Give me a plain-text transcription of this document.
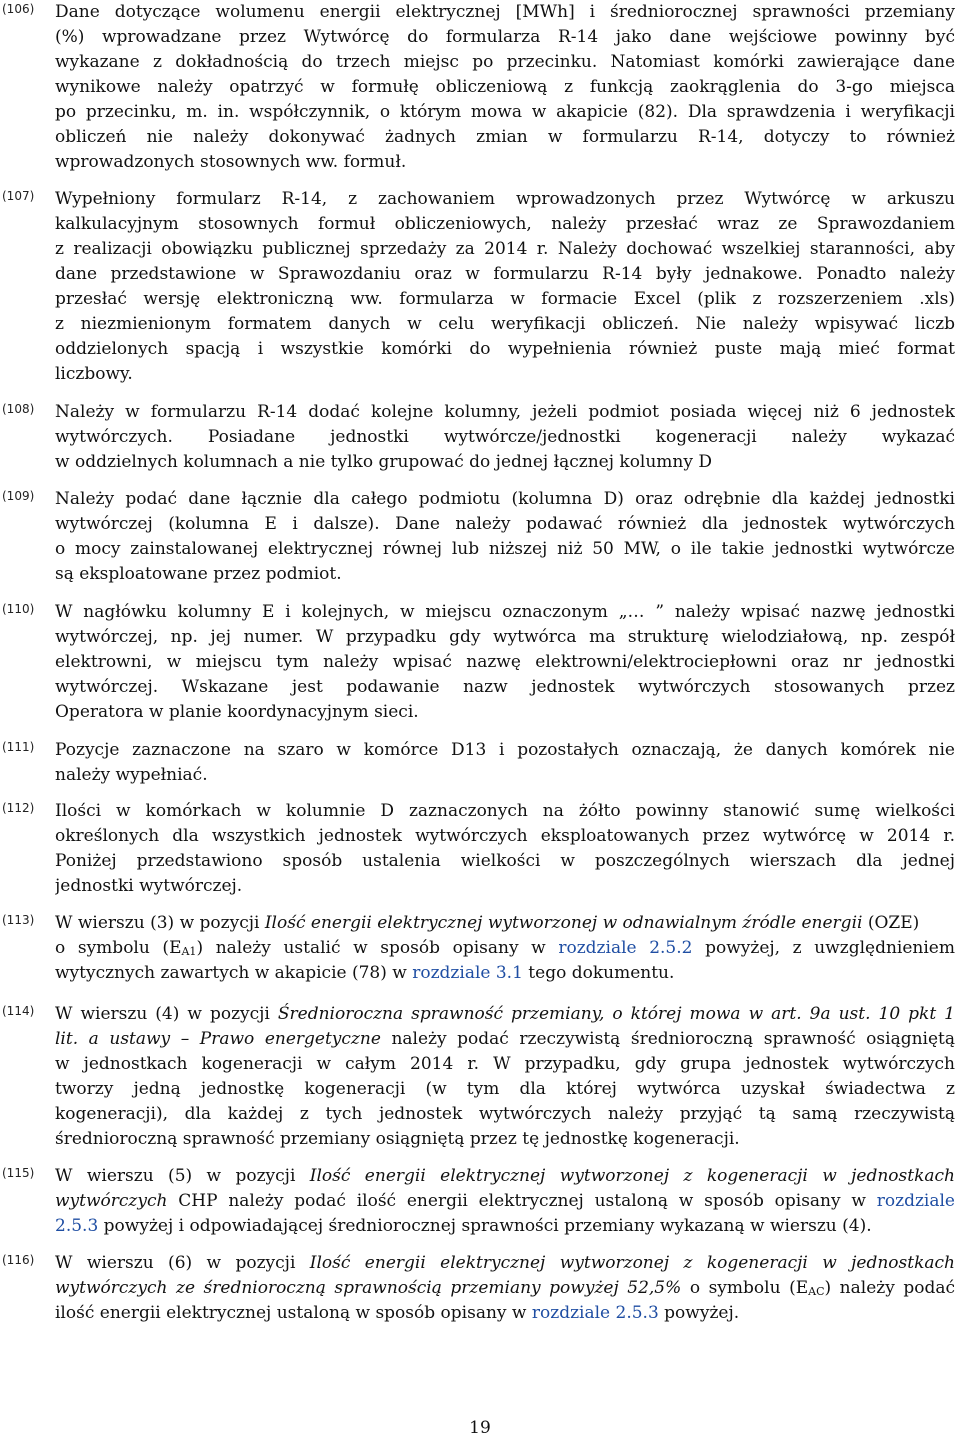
(106)	Dane dotyczące wolumenu energii elektrycznej [MWh] i średniorocznej sprawności przemiany
(%) wprowadzane przez Wytwórcę do formularza R-14 jako dane wejściowe powinny być
wykazane z dokładnością do trzech miejsc po przecinku. Natomiast komórki zawierające dane
wynikowe należy opatrzyć w formułę obliczeniową z funkcją zaokrąglenia do 3-go miejsca
po przecinku, m. in. współczynnik, o którym mowa w akapicie (82). Dla sprawdzenia i weryfikacji
obliczeń nie należy dokonywać żadnych zmian w formularzu R-14, dotyczy to również
wprowadzonych stosownych ww. formuł.
(107)	Wypełniony formularz R-14, z zachowaniem wprowadzonych przez Wytwórcę w arkuszu
kalkulacyjnym stosownych formuł obliczeniowych, należy przesłać wraz ze Sprawozdaniem
z realizacji obowiązku publicznej sprzedaży za 2014 r. Należy dochować wszelkiej staranności, aby
dane przedstawione w Sprawozdaniu oraz w formularzu R-14 były jednakowe. Ponadto należy
przesłać wersję elektroniczną ww. formularza w formacie Excel (plik z rozszerzeniem .xls)
z niezmienionym formatem danych w celu weryfikacji obliczeń. Nie należy wpisywać liczb
oddzielonych spacją i wszystkie komórki do wypełnienia również puste mają mieć format
liczbowy.
(108)	Należy w formularzu R-14 dodać kolejne kolumny, jeżeli podmiot posiada więcej niż 6 jednostek
wytwórczych. Posiadane jednostki wytwórcze/jednostki kogeneracji należy wykazać
w oddzielnych kolumnach a nie tylko grupować do jednej łącznej kolumny D
(109)	Należy podać dane łącznie dla całego podmiotu (kolumna D) oraz odrębnie dla każdej jednostki
wytwórczej (kolumna E i dalsze). Dane należy podawać również dla jednostek wytwórczych
o mocy zainstalowanej elektrycznej równej lub niższej niż 50 MW, o ile takie jednostki wytwórcze
są eksploatowane przez podmiot.
(110)	W nagłówku kolumny E i kolejnych, w miejscu oznaczonym „… ” należy wpisać nazwę jednostki
wytwórczej, np. jej numer. W przypadku gdy wytwórca ma strukturę wielodziałową, np. zespół
elektrowni, w miejscu tym należy wpisać nazwę elektrowni/elektrociepłowni oraz nr jednostki
wytwórczej. Wskazane jest podawanie nazw jednostek wytwórczych stosowanych przez
Operatora w planie koordynacyjnym sieci.
(111)	Pozycje zaznaczone na szaro w komórce D13 i pozostałych oznaczają, że danych komórek nie
należy wypełniać.
(112)	Ilości w komórkach w kolumnie D zaznaczonych na żółto powinny stanowić sumę wielkości
określonych dla wszystkich jednostek wytwórczych eksploatowanych przez wytwórcę w 2014 r.
Poniżej przedstawiono sposób ustalenia wielkości w poszczególnych wierszach dla jednej
jednostki wytwórczej.
(113)	W wierszu (3) w pozycji Ilość energii elektrycznej wytworzonej w odnawialnym źródle energii (OZE)
o symbolu $(E_{A1})$ należy ustalić w sposób opisany w rozdziale 2.5.2 powyżej, z uwzględnieniem
wytycznych zawartych w akapicie (78) w rozdziale 3.1 tego dokumentu.
(114)	W wierszu (4) w pozycji Średnioroczna sprawność przemiany, o której mowa w art. 9a ust. 10 pkt 1
lit. a ustawy – Prawo energetyczne należy podać rzeczywistą średnioroczną sprawność osiągniętą
w jednostkach kogeneracji w całym 2014 r. W przypadku, gdy grupa jednostek wytwórczych
tworzy jedną jednostkę kogeneracji (w tym dla której wytwórca uzyskał świadectwa z
kogeneracji), dla każdej z tych jednostek wytwórczych należy przyjąć tą samą rzeczywistą
średnioroczną sprawność przemiany osiągniętą przez tę jednostkę kogeneracji.
(115)	W wierszu (5) w pozycji Ilość energii elektrycznej wytworzonej z kogeneracji w jednostkach
wytwórczych CHP należy podać ilość energii elektrycznej ustaloną w sposób opisany w rozdziale
2.5.3 powyżej i odpowiadającej średniorocznej sprawności przemiany wykazaną w wierszu (4).
(116)	W wierszu (6) w pozycji Ilość energii elektrycznej wytworzonej z kogeneracji w jednostkach
wytwórczych ze średnioroczną sprawnością przemiany powyżej 52,5% o symbolu $(E_{AC})$ należy podać
ilość energii elektrycznej ustaloną w sposób opisany w rozdziale 2.5.3 powyżej.
19
